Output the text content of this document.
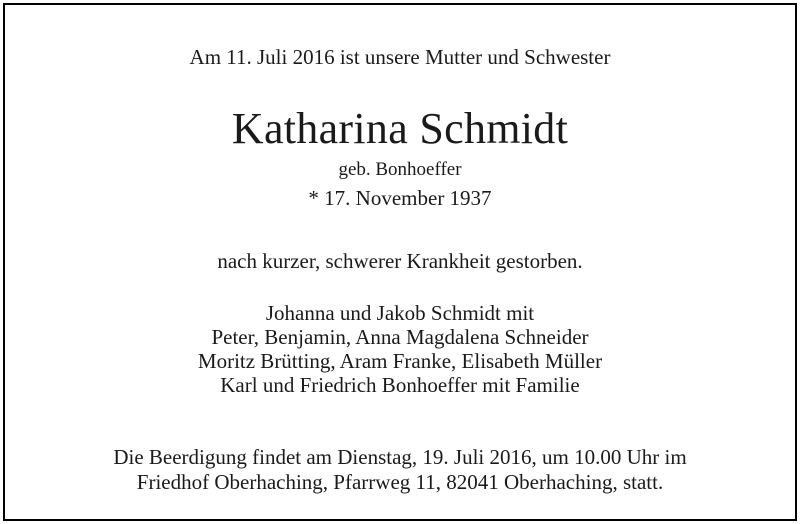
Am 11. Juli 2016 ist unsere Mutter und Schwester
Katharina Schmidt
geb. Bonhoeffer
* 17. November 1937
nach kurzer, schwerer Krankheit gestorben.
Johanna und Jakob Schmidt mit
Peter, Benjamin, Anna Magdalena Schneider
Moritz Brütting, Aram Franke, Elisabeth Müller
Karl und Friedrich Bonhoeffer mit Familie
Die Beerdigung findet am Dienstag, 19. Juli 2016, um 10.00 Uhr im
Friedhof Oberhaching, Pfarrweg 11, 82041 Oberhaching, statt.
